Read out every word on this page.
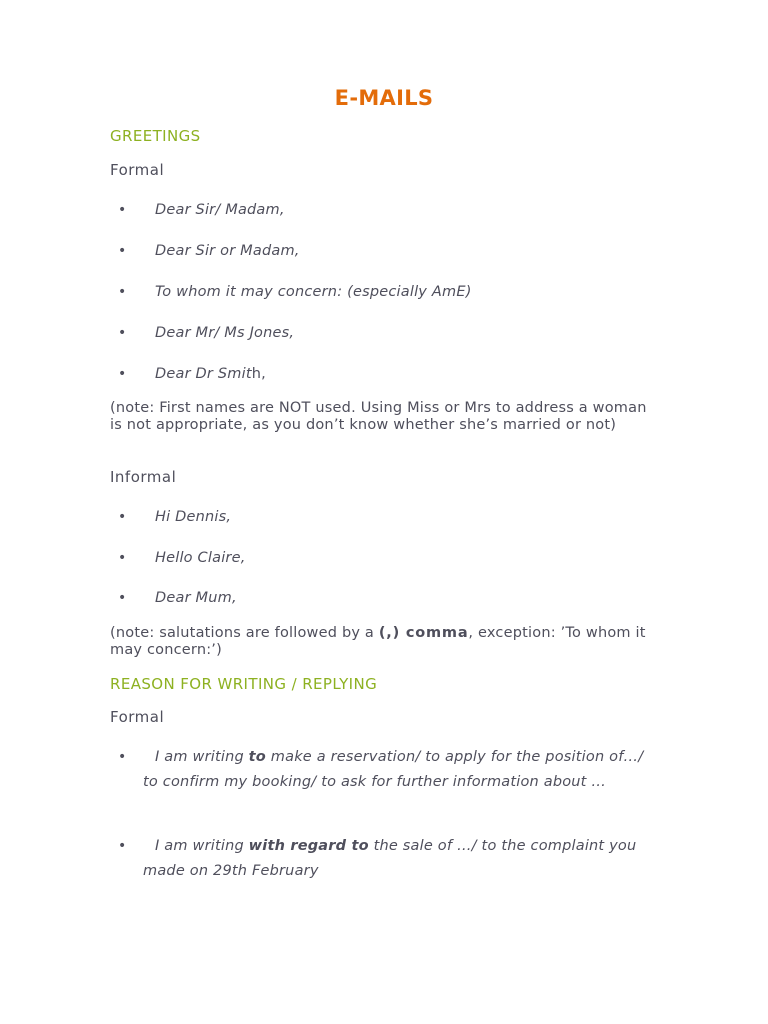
E-MAILS
GREETINGS
Formal
•	Dear Sir/ Madam,
•	Dear Sir or Madam,
•	To whom it may concern: (especially AmE)
•	Dear Mr/ Ms Jones,
•	Dear Dr Smith,
(note: First names are NOT used. Using Miss or Mrs to address a woman is not appropriate, as you don’t know whether she’s married or not)
Informal
•	Hi Dennis,
•	Hello Claire,
•	Dear Mum,
(note: salutations are followed by a (,) comma, exception: ’To whom it may concern:’)
REASON FOR WRITING / REPLYING
Formal
•	I am writing to make a reservation/ to apply for the position of…/ to confirm my booking/ to ask for further information about …
•	I am writing with regard to the sale of …/ to the complaint you made on 29th February
